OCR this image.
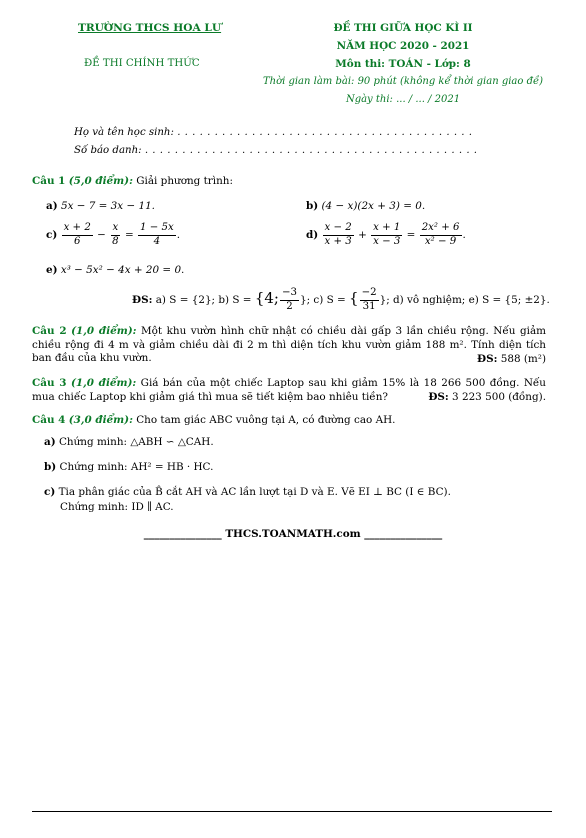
TRƯỜNG THCS HOA LƯ
ĐỀ THI CHÍNH THỨC
ĐỀ THI GIỮA HỌC KÌ II
NĂM HỌC 2020 - 2021
Môn thi: TOÁN - Lớp: 8
Thời gian làm bài: 90 phút (không kể thời gian giao đề)
Ngày thi: ... / ... / 2021
Họ và tên học sinh: . . . . . . . . . . . . . . . . . . . . . . . . . . . . . . . . . . . . . . . .
Số báo danh: . . . . . . . . . . . . . . . . . . . . . . . . . . . . . . . . . . . . . . . . . . . . .
Câu 1 (5,0 điểm): Giải phương trình:
a) 5x − 7 = 3x − 11.	b) (4 − x)(2x + 3) = 0.
$c) \frac{x + 2}{6} - \frac{x}{8} = \frac{1 - 5x}{4}$ .	$d) \frac{x - 2}{x + 3} + \frac{x + 1}{x - 3} = \frac{\text{2x² + 6}}{\text{x² − 9}}$ .
e) x³ − 5x² − 4x + 20 = 0.
ĐS: a) S = {2}; b) S = {4; $\frac{-3}{2}$ }; c) S = { $\frac{-2}{31}$ }; d) vô nghiệm; e) S = {5; ±2}.
Câu 2 (1,0 điểm): Một khu vườn hình chữ nhật có chiều dài gấp 3 lần chiều rộng. Nếu giảm chiều rộng đi 4 m và giảm chiều dài đi 2 m thì diện tích khu vườn giảm 188 m². Tính diện tích ban đầu của khu vườn.	ĐS: 588 (m²)
Câu 3 (1,0 điểm): Giá bán của một chiếc Laptop sau khi giảm 15% là 18 266 500 đồng. Nếu mua chiếc Laptop khi giảm giá thì mua sẽ tiết kiệm bao nhiêu tiền?	ĐS: 3 223 500 (đồng).
Câu 4 (3,0 điểm): Cho tam giác ABC vuông tại A, có đường cao AH.
a) Chứng minh: △ABH ∽ △CAH.
b) Chứng minh: AH² = HB · HC.
c) Tia phân giác của B̂ cắt AH và AC lần lượt tại D và E. Vẽ EI ⊥ BC (I ∈ BC).
Chứng minh: ID ∥ AC.
_______________ THCS.TOANMATH.com _______________
